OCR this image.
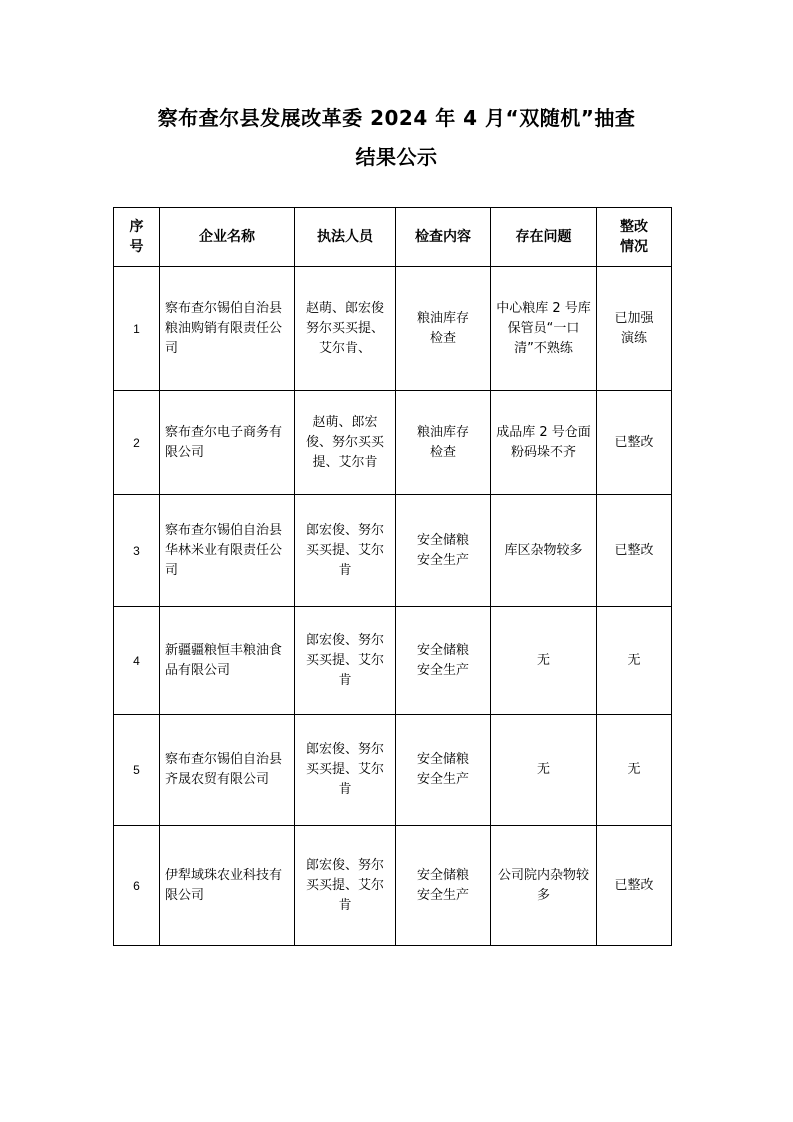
察布查尔县发展改革委 2024 年 4 月“双随机”抽查
结果公示
序号	企业名称	执法人员	检查内容	存在问题	整改情况
1	察布查尔锡伯自治县粮油购销有限责任公司	赵萌、郎宏俊努尔买买提、艾尔肯、	粮油库存检查	中心粮库 2 号库保管员“一口清”不熟练	已加强演练
2	察布查尔电子商务有限公司	赵萌、郎宏俊、努尔买买提、艾尔肯	粮油库存检查	成品库 2 号仓面粉码垛不齐	已整改
3	察布查尔锡伯自治县华林米业有限责任公司	郎宏俊、努尔买买提、艾尔肯	安全储粮安全生产	库区杂物较多	已整改
4	新疆疆粮恒丰粮油食品有限公司	郎宏俊、努尔买买提、艾尔肯	安全储粮安全生产	无	无
5	察布查尔锡伯自治县齐晟农贸有限公司	郎宏俊、努尔买买提、艾尔肯	安全储粮安全生产	无	无
6	伊犁域珠农业科技有限公司	郎宏俊、努尔买买提、艾尔肯	安全储粮安全生产	公司院内杂物较多	已整改
